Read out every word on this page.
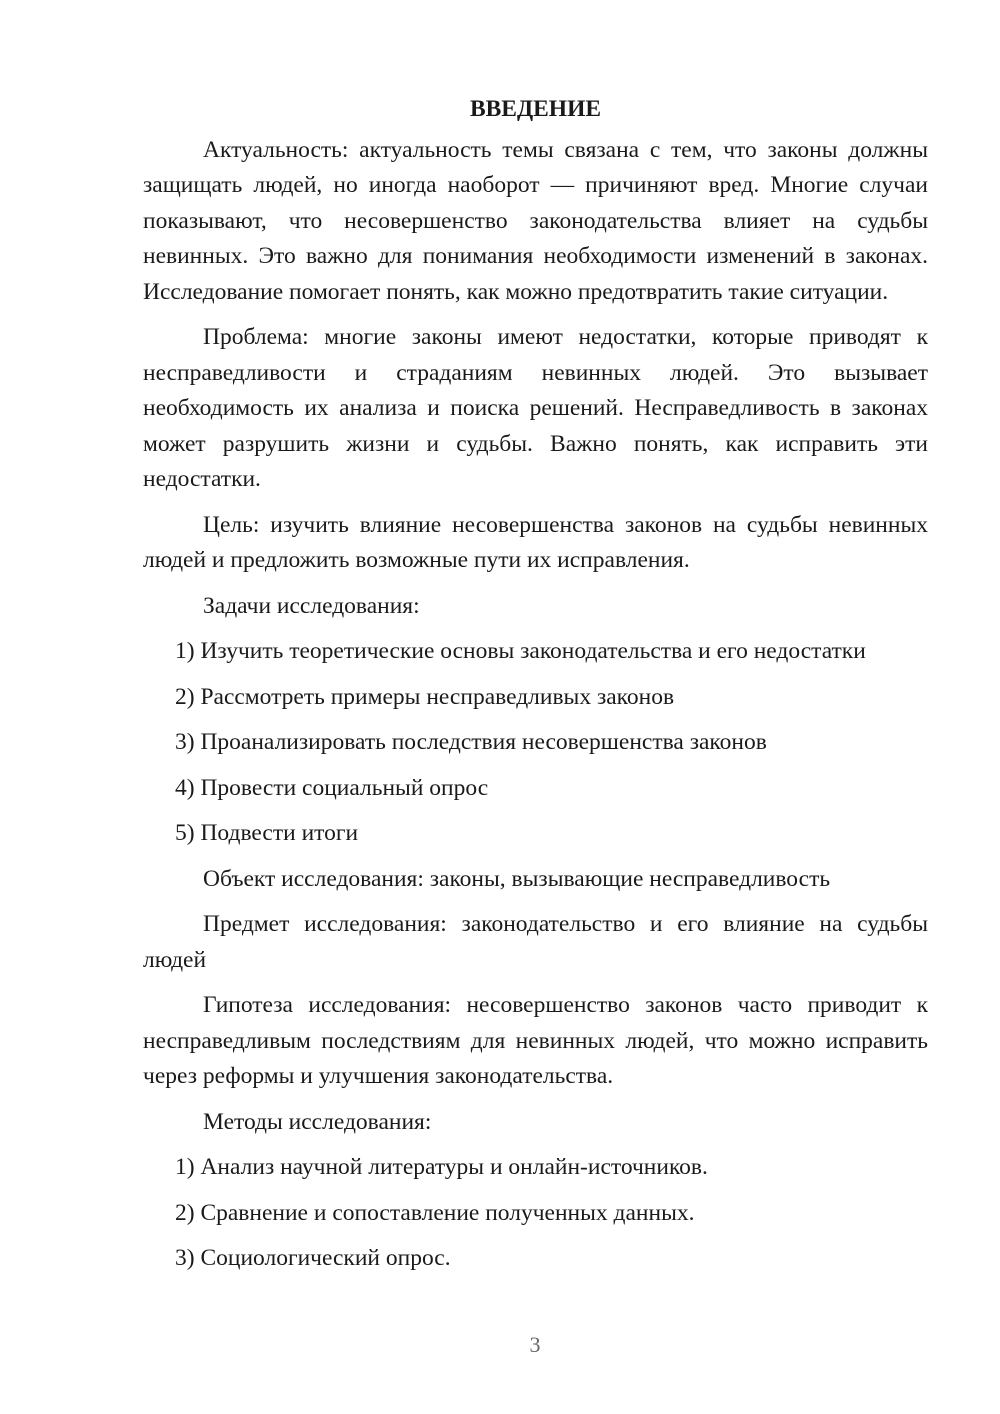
ВВЕДЕНИЕ

Актуальность: актуальность темы связана с тем, что законы должны защищать людей, но иногда наоборот — причиняют вред. Многие случаи показывают, что несовершенство законодательства влияет на судьбы невинных. Это важно для понимания необходимости изменений в законах. Исследование помогает понять, как можно предотвратить такие ситуации.

Проблема: многие законы имеют недостатки, которые приводят к несправедливости и страданиям невинных людей. Это вызывает необходимость их анализа и поиска решений. Несправедливость в законах может разрушить жизни и судьбы. Важно понять, как исправить эти недостатки.

Цель: изучить влияние несовершенства законов на судьбы невинных людей и предложить возможные пути их исправления.

Задачи исследования:
1) Изучить теоретические основы законодательства и его недостатки
2) Рассмотреть примеры несправедливых законов
3) Проанализировать последствия несовершенства законов
4) Провести социальный опрос
5) Подвести итоги
Объект исследования: законы, вызывающие несправедливость

Предмет исследования: законодательство и его влияние на судьбы людей

Гипотеза исследования: несовершенство законов часто приводит к несправедливым последствиям для невинных людей, что можно исправить через реформы и улучшения законодательства.

Методы исследования:
1) Анализ научной литературы и онлайн-источников.
2) Сравнение и сопоставление полученных данных.
3) Социологический опрос.
3
